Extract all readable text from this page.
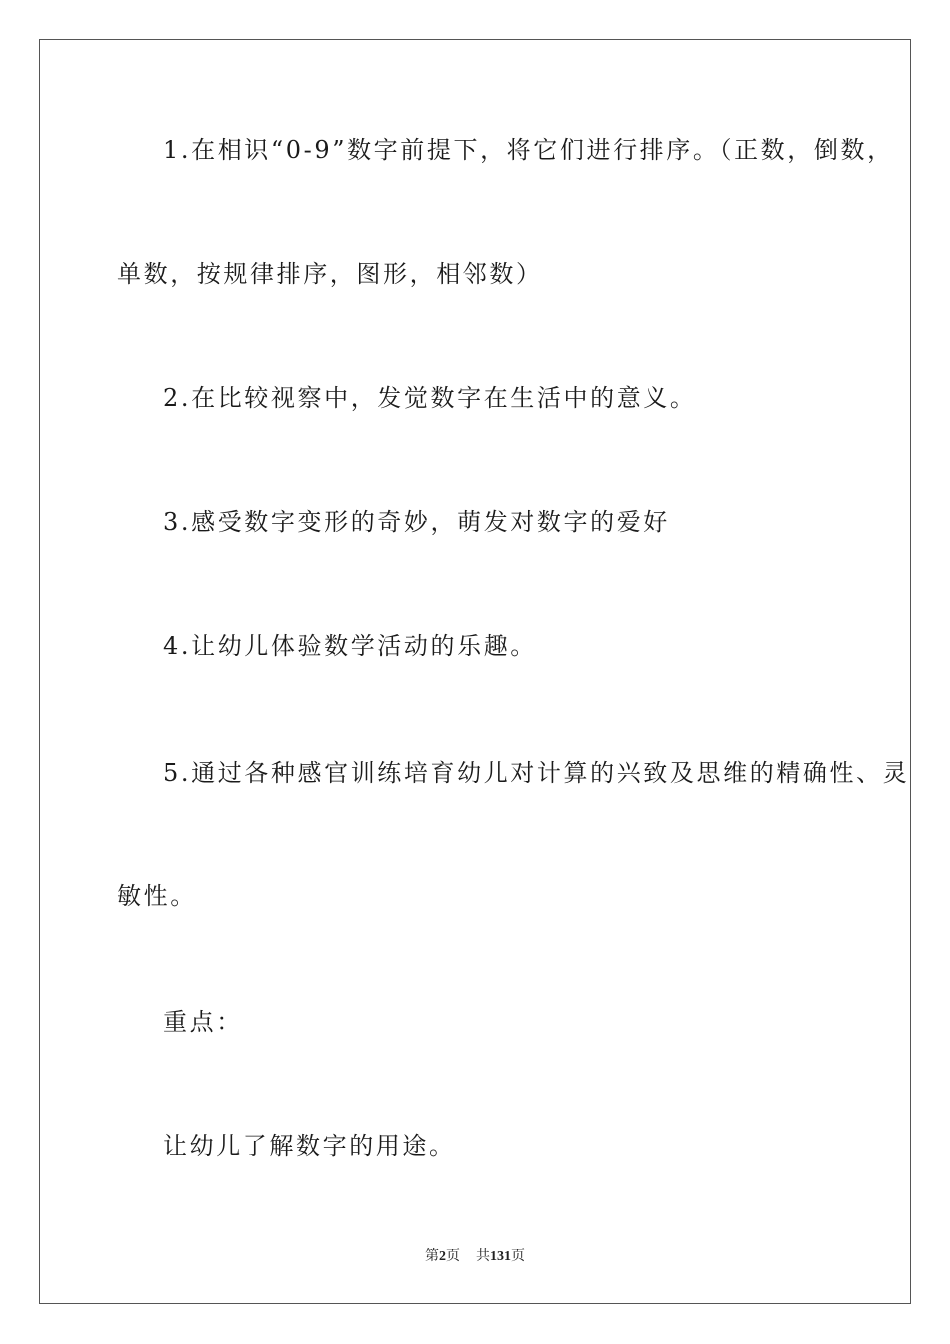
1.在相识“0-9”数字前提下，将它们进行排序。（正数，倒数，
单数，按规律排序，图形，相邻数）
2.在比较视察中，发觉数字在生活中的意义。
3.感受数字变形的奇妙，萌发对数字的爱好
4.让幼儿体验数学活动的乐趣。
5.通过各种感官训练培育幼儿对计算的兴致及思维的精确性、灵
敏性。
重点：
让幼儿了解数字的用途。
第2页 共131页
